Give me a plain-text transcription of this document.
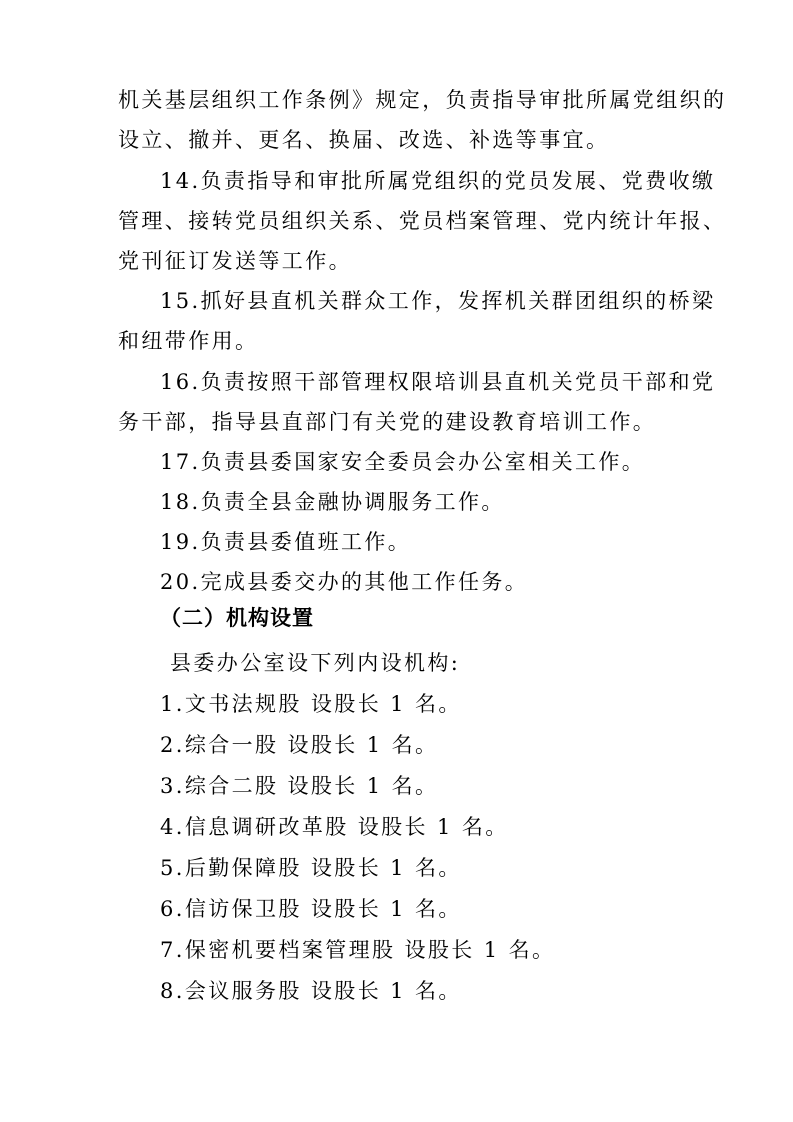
机关基层组织工作条例》规定，负责指导审批所属党组织的
设立、撤并、更名、换届、改选、补选等事宜。
14.负责指导和审批所属党组织的党员发展、党费收缴
管理、接转党员组织关系、党员档案管理、党内统计年报、
党刊征订发送等工作。
15.抓好县直机关群众工作，发挥机关群团组织的桥梁
和纽带作用。
16.负责按照干部管理权限培训县直机关党员干部和党
务干部，指导县直部门有关党的建设教育培训工作。
17.负责县委国家安全委员会办公室相关工作。
18.负责全县金融协调服务工作。
19.负责县委值班工作。
20.完成县委交办的其他工作任务。
（二）机构设置
县委办公室设下列内设机构:
1.文书法规股 设股长 1 名。
2.综合一股 设股长 1 名。
3.综合二股 设股长 1 名。
4.信息调研改革股 设股长 1 名。
5.后勤保障股 设股长 1 名。
6.信访保卫股 设股长 1 名。
7.保密机要档案管理股 设股长 1 名。
8.会议服务股 设股长 1 名。
